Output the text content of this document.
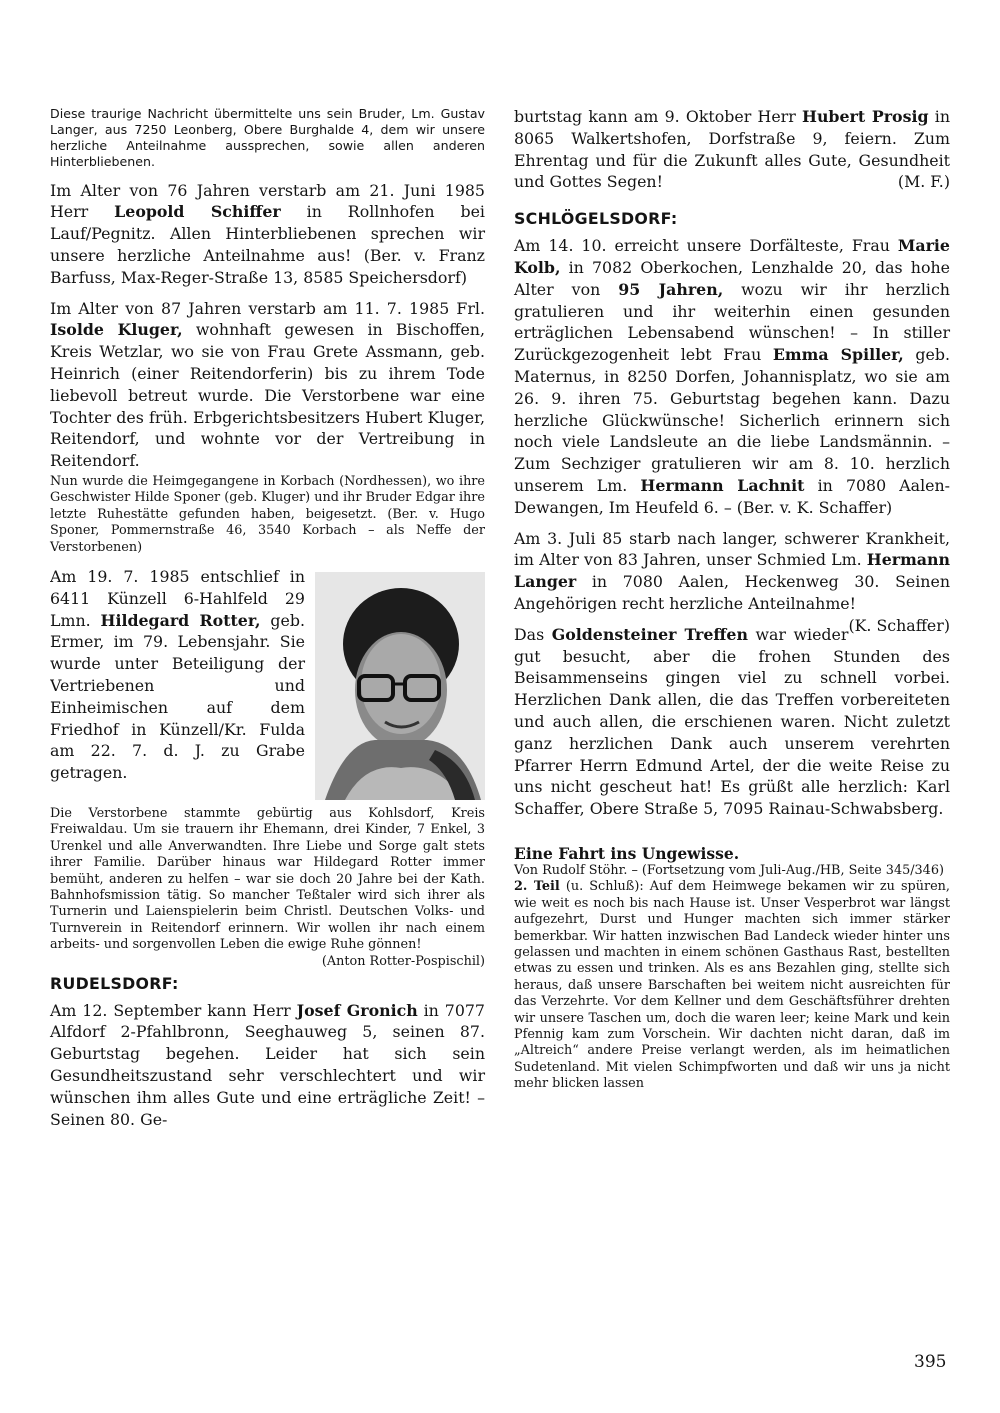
Diese traurige Nachricht übermittelte uns sein Bruder, Lm. Gustav Langer, aus 7250 Leonberg, Obere Burghalde 4, dem wir unsere herzliche Anteilnahme aussprechen, sowie allen anderen Hinterbliebenen.

Im Alter von 76 Jahren verstarb am 21. Juni 1985 Herr Leopold Schiffer in Rollnhofen bei Lauf/Pegnitz. Allen Hinterbliebenen sprechen wir unsere herzliche Anteilnahme aus! (Ber. v. Franz Barfuss, Max-Reger-Straße 13, 8585 Speichersdorf)

Im Alter von 87 Jahren verstarb am 11. 7. 1985 Frl. Isolde Kluger, wohnhaft gewesen in Bischoffen, Kreis Wetzlar, wo sie von Frau Grete Assmann, geb. Heinrich (einer Reitendorferin) bis zu ihrem Tode liebevoll betreut wurde. Die Verstorbene war eine Tochter des früh. Erbgerichtsbesitzers Hubert Kluger, Reitendorf, und wohnte vor der Vertreibung in Reitendorf.

Nun wurde die Heimgegangene in Korbach (Nordhessen), wo ihre Geschwister Hilde Sponer (geb. Kluger) und ihr Bruder Edgar ihre letzte Ruhestätte gefunden haben, beigesetzt. (Ber. v. Hugo Sponer, Pommernstraße 46, 3540 Korbach – als Neffe der Verstorbenen)

Am 19. 7. 1985 entschlief in 6411 Künzell 6-Hahlfeld 29 Lmn. Hildegard Rotter, geb. Ermer, im 79. Lebensjahr. Sie wurde unter Beteiligung der Vertriebenen und Einheimischen auf dem Friedhof in Künzell/Kr. Fulda am 22. 7. d. J. zu Grabe getragen.

Die Verstorbene stammte gebürtig aus Kohlsdorf, Kreis Freiwaldau. Um sie trauern ihr Ehemann, drei Kinder, 7 Enkel, 3 Urenkel und alle Anverwandten. Ihre Liebe und Sorge galt stets ihrer Familie. Darüber hinaus war Hildegard Rotter immer bemüht, anderen zu helfen – war sie doch 20 Jahre bei der Kath. Bahnhofsmission tätig. So mancher Teßtaler wird sich ihrer als Turnerin und Laienspielerin beim Christl. Deutschen Volks- und Turnverein in Reitendorf erinnern. Wir wollen ihr nach einem arbeits- und sorgenvollen Leben die ewige Ruhe gönnen!
(Anton Rotter-Pospischil)

RUDELSDORF:

Am 12. September kann Herr Josef Gronich in 7077 Alfdorf 2-Pfahlbronn, Seeghauweg 5, seinen 87. Geburtstag begehen. Leider hat sich sein Gesundheitszustand sehr verschlechtert und wir wünschen ihm alles Gute und eine erträgliche Zeit! – Seinen 80. Ge-

burtstag kann am 9. Oktober Herr Hubert Prosig in 8065 Walkertshofen, Dorfstraße 9, feiern. Zum Ehrentag und für die Zukunft alles Gute, Gesundheit und Gottes Segen!	(M. F.)

SCHLÖGELSDORF:

Am 14. 10. erreicht unsere Dorfälteste, Frau Marie Kolb, in 7082 Oberkochen, Lenzhalde 20, das hohe Alter von 95 Jahren, wozu wir ihr herzlich gratulieren und ihr weiterhin einen gesunden erträglichen Lebensabend wünschen! – In stiller Zurückgezogenheit lebt Frau Emma Spiller, geb. Maternus, in 8250 Dorfen, Johannisplatz, wo sie am 26. 9. ihren 75. Geburtstag begehen kann. Dazu herzliche Glückwünsche! Sicherlich erinnern sich noch viele Landsleute an die liebe Landsmännin. – Zum Sechziger gratulieren wir am 8. 10. herzlich unserem Lm. Hermann Lachnit in 7080 Aalen-Dewangen, Im Heufeld 6. – (Ber. v. K. Schaffer)

Am 3. Juli 85 starb nach langer, schwerer Krankheit, im Alter von 83 Jahren, unser Schmied Lm. Hermann Langer in 7080 Aalen, Heckenweg 30. Seinen Angehörigen recht herzliche Anteilnahme!
(K. Schaffer)

Das Goldensteiner Treffen war wieder gut besucht, aber die frohen Stunden des Beisammenseins gingen viel zu schnell vorbei. Herzlichen Dank allen, die das Treffen vorbereiteten und auch allen, die erschienen waren. Nicht zuletzt ganz herzlichen Dank auch unserem verehrten Pfarrer Herrn Edmund Artel, der die weite Reise zu uns nicht gescheut hat! Es grüßt alle herzlich: Karl Schaffer, Obere Straße 5, 7095 Rainau-Schwabsberg.

Eine Fahrt ins Ungewisse.

Von Rudolf Stöhr. – (Fortsetzung vom Juli-Aug./HB, Seite 345/346)

2. Teil (u. Schluß): Auf dem Heimwege bekamen wir zu spüren, wie weit es noch bis nach Hause ist. Unser Vesperbrot war längst aufgezehrt, Durst und Hunger machten sich immer stärker bemerkbar. Wir hatten inzwischen Bad Landeck wieder hinter uns gelassen und machten in einem schönen Gasthaus Rast, bestellten etwas zu essen und trinken. Als es ans Bezahlen ging, stellte sich heraus, daß unsere Barschaften bei weitem nicht ausreichten für das Verzehrte. Vor dem Kellner und dem Geschäftsführer drehten wir unsere Taschen um, doch die waren leer; keine Mark und kein Pfennig kam zum Vorschein. Wir dachten nicht daran, daß im „Altreich“ andere Preise verlangt werden, als im heimatlichen Sudetenland. Mit vielen Schimpfworten und daß wir uns ja nicht mehr blicken lassen

395
